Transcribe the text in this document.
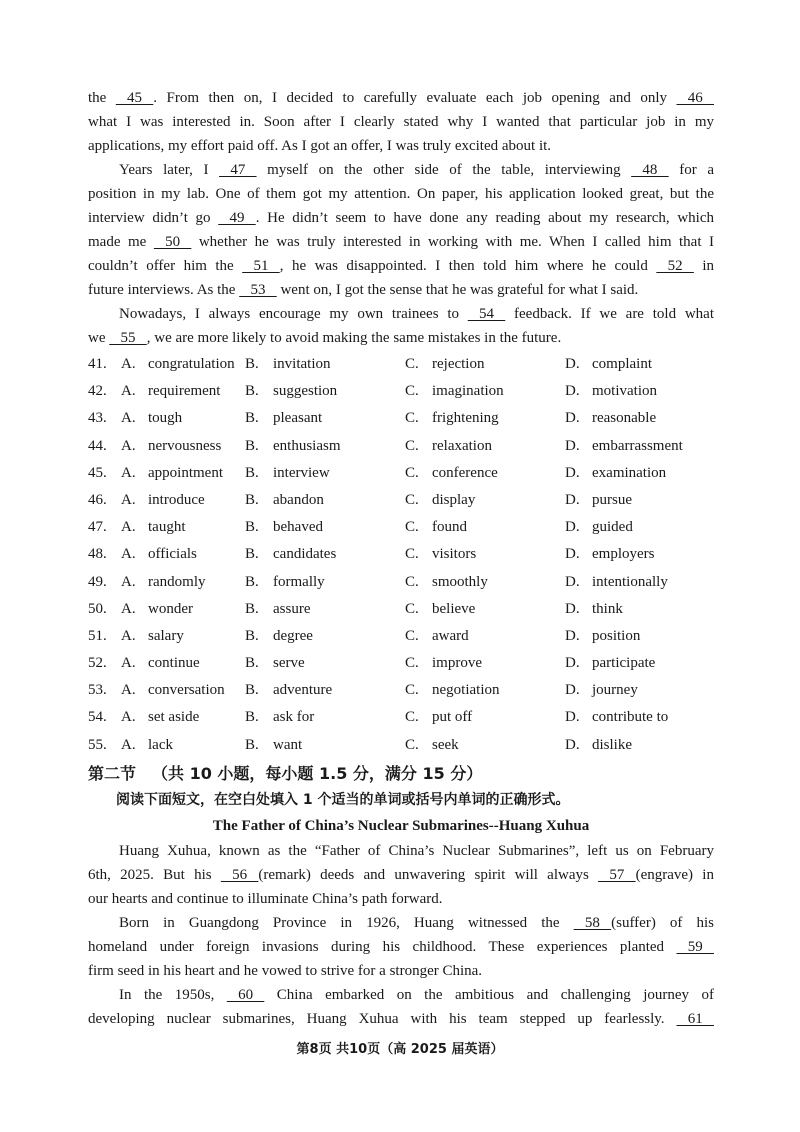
the    45   . From then on, I decided to carefully evaluate each job opening and only    46
what I was interested in. Soon after I clearly stated why I wanted that particular job in my
applications, my effort paid off. As I got an offer, I was truly excited about it.
Years later, I    47    myself on the other side of the table, interviewing    48    for a
position in my lab. One of them got my attention. On paper, his application looked great, but the
interview didn’t go    49   . He didn’t seem to have done any reading about my research, which
made me    50    whether he was truly interested in working with me. When I called him that I
couldn’t offer him the    51   , he was disappointed. I then told him where he could    52    in
future interviews. As the    53    went on, I got the sense that he was grateful for what I said.
Nowadays, I always encourage my own trainees to    54    feedback. If we are told what
we    55   , we are more likely to avoid making the same mistakes in the future.
41. A. congratulation B. invitation	C. rejection	D. complaint
42. A. requirement B. suggestion	C. imagination	D. motivation
43. A. tough	B. pleasant	C. frightening	D. reasonable
44. A. nervousness B. enthusiasm	C. relaxation	D. embarrassment
45. A. appointment B. interview	C. conference	D. examination
46. A. introduce	B. abandon	C. display	D. pursue
47. A. taught	B. behaved	C. found	D. guided
48. A. officials	B. candidates	C. visitors	D. employers
49. A. randomly	B. formally	C. smoothly	D. intentionally
50. A. wonder	B. assure	C. believe	D. think
51. A. salary	B. degree	C. award	D. position
52. A. continue	B. serve	C. improve	D. participate
53. A. conversation B. adventure	C. negotiation	D. journey
54. A. set aside	B. ask for	C. put off	D. contribute to
55. A. lack	B. want	C. seek	D. dislike
第二节 （共 10 小题，每小题 1.5 分，满分 15 分）
阅读下面短文，在空白处填入 1 个适当的单词或括号内单词的正确形式。
The Father of China’s Nuclear Submarines--Huang Xuhua
Huang Xuhua, known as the “Father of China’s Nuclear Submarines”, left us on February
6th, 2025. But his    56   (remark) deeds and unwavering spirit will always    57   (engrave) in
our hearts and continue to illuminate China’s path forward.
Born in Guangdong Province in 1926, Huang witnessed the    58   (suffer) of his
homeland under foreign invasions during his childhood. These experiences planted    59
firm seed in his heart and he vowed to strive for a stronger China.
In the 1950s,    60    China embarked on the ambitious and challenging journey of
developing nuclear submarines, Huang Xuhua with his team stepped up fearlessly.    61
第8页 共10页（高 2025 届英语）
